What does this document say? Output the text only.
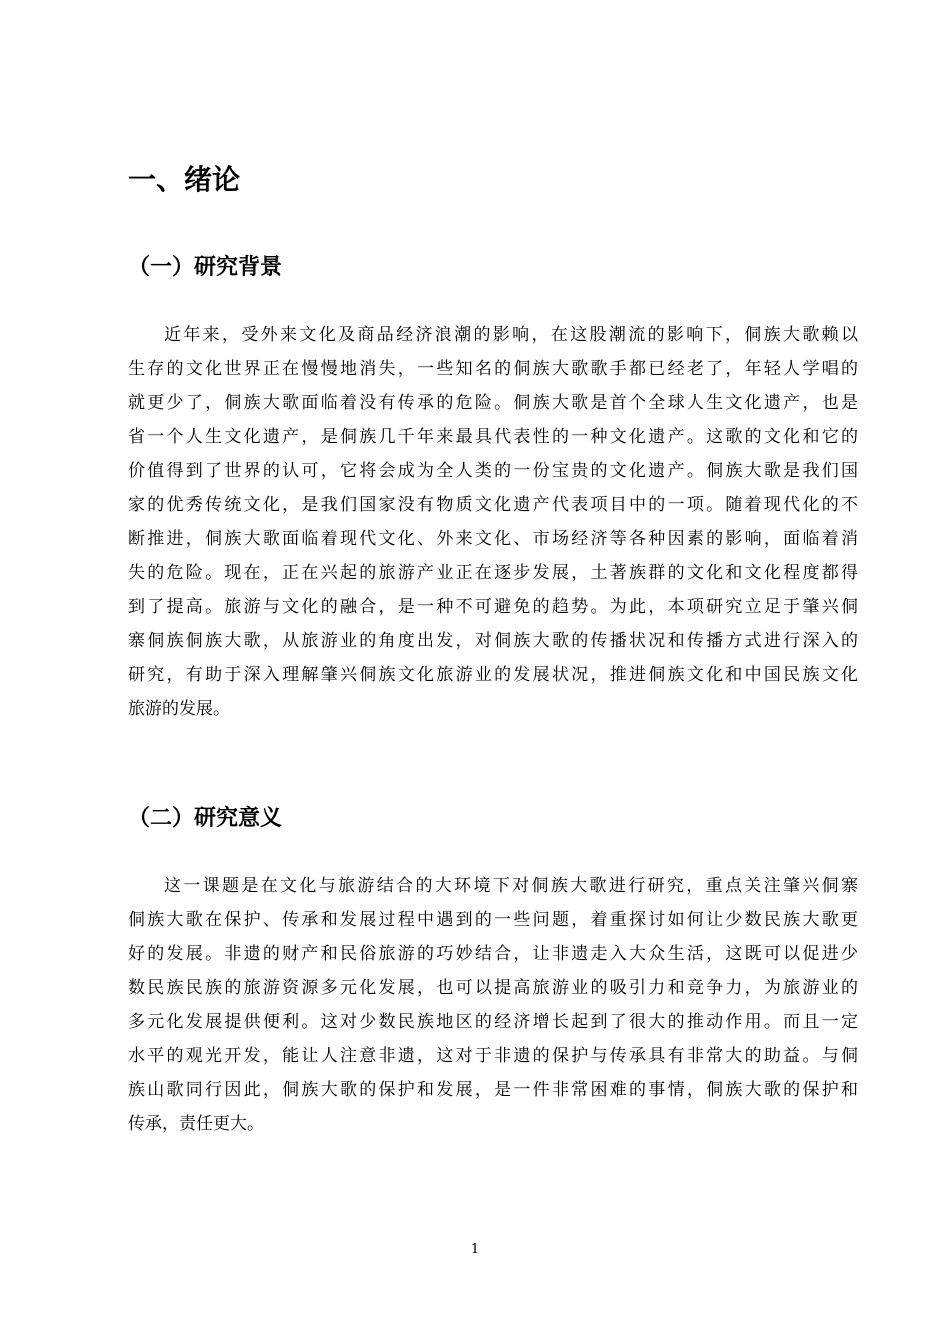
一、绪论
（一）研究背景
近年来，受外来文化及商品经济浪潮的影响，在这股潮流的影响下，侗族大歌赖以
生存的文化世界正在慢慢地消失，一些知名的侗族大歌歌手都已经老了，年轻人学唱的
就更少了，侗族大歌面临着没有传承的危险。侗族大歌是首个全球人生文化遗产，也是
省一个人生文化遗产，是侗族几千年来最具代表性的一种文化遗产。这歌的文化和它的
价值得到了世界的认可，它将会成为全人类的一份宝贵的文化遗产。侗族大歌是我们国
家的优秀传统文化，是我们国家没有物质文化遗产代表项目中的一项。随着现代化的不
断推进，侗族大歌面临着现代文化、外来文化、市场经济等各种因素的影响，面临着消
失的危险。现在，正在兴起的旅游产业正在逐步发展，土著族群的文化和文化程度都得
到了提高。旅游与文化的融合，是一种不可避免的趋势。为此，本项研究立足于肇兴侗
寨侗族侗族大歌，从旅游业的角度出发，对侗族大歌的传播状况和传播方式进行深入的
研究，有助于深入理解肇兴侗族文化旅游业的发展状况，推进侗族文化和中国民族文化
旅游的发展。
（二）研究意义
这一课题是在文化与旅游结合的大环境下对侗族大歌进行研究，重点关注肇兴侗寨
侗族大歌在保护、传承和发展过程中遇到的一些问题，着重探讨如何让少数民族大歌更
好的发展。非遗的财产和民俗旅游的巧妙结合，让非遗走入大众生活，这既可以促进少
数民族民族的旅游资源多元化发展，也可以提高旅游业的吸引力和竞争力，为旅游业的
多元化发展提供便利。这对少数民族地区的经济增长起到了很大的推动作用。而且一定
水平的观光开发，能让人注意非遗，这对于非遗的保护与传承具有非常大的助益。与侗
族山歌同行因此，侗族大歌的保护和发展，是一件非常困难的事情，侗族大歌的保护和
传承，责任更大。
1
